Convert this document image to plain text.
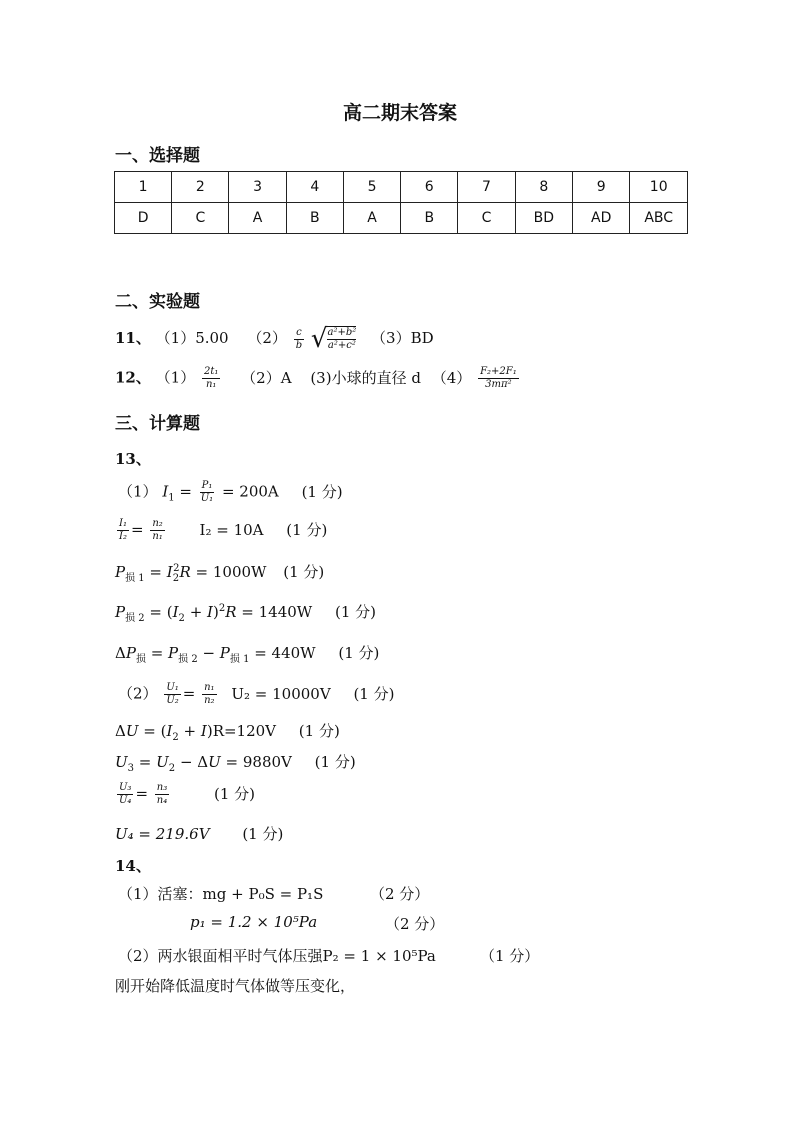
高二期末答案
一、选择题
1	2	3	4	5	6	7	8	9	10
D	C	A	B	A	B	C	BD	AD	ABC
二、实验题
11、 （1）5.00 $(2) \frac{c}{b}$
√ a²+b²
a²+c² （3）BD
12、 $(1) \frac{\text{2t₁}}{\text{n₁}} (2)A$ (3)小球的直径 d $(4) \frac{\text{F₂+2F₁}}{\text{3mπ²}}$
三、计算题
13、
（1） $I_1 = \frac{\text{P₁}}{\text{U₁}} = 200A$ (1 分)
$\frac{\text{I₁}}{\text{I₂}} = \frac{\text{n₂}}{\text{n₁}} I_2 = 10A$ (1 分)
$P_{损 1} = I_2^2R = 1000W$ (1 分)
$P_{损 2} = (I_2 + I)^2R = 1440W$ (1 分)
$\Delta P_损 = P_{损 2} - P_{损 1} = 440W$ (1 分)
$(2) \frac{\text{U₁}}{\text{U₂}} = \frac{\text{n₁}}{\text{n₂}} U_2 = 10000V$ (1 分)
$\Delta U = (I_2 + I)R=120V$ (1 分)
$U_3 = U_2 - \Delta U = 9880V$ (1 分)
$\frac{\text{U₃}}{\text{U₄}} = \frac{\text{n₃}}{\text{n₄}}$	(1 分)
U₄ = 219.6V (1 分)
14、
（1）活塞：mg + P₀S = P₁S	（2 分）
p₁ = 1.2 × 10⁵Pa	（2 分）
（2）两水银面相平时气体压强P₂ = 1 × 10⁵Pa	（1 分）
刚开始降低温度时气体做等压变化，
